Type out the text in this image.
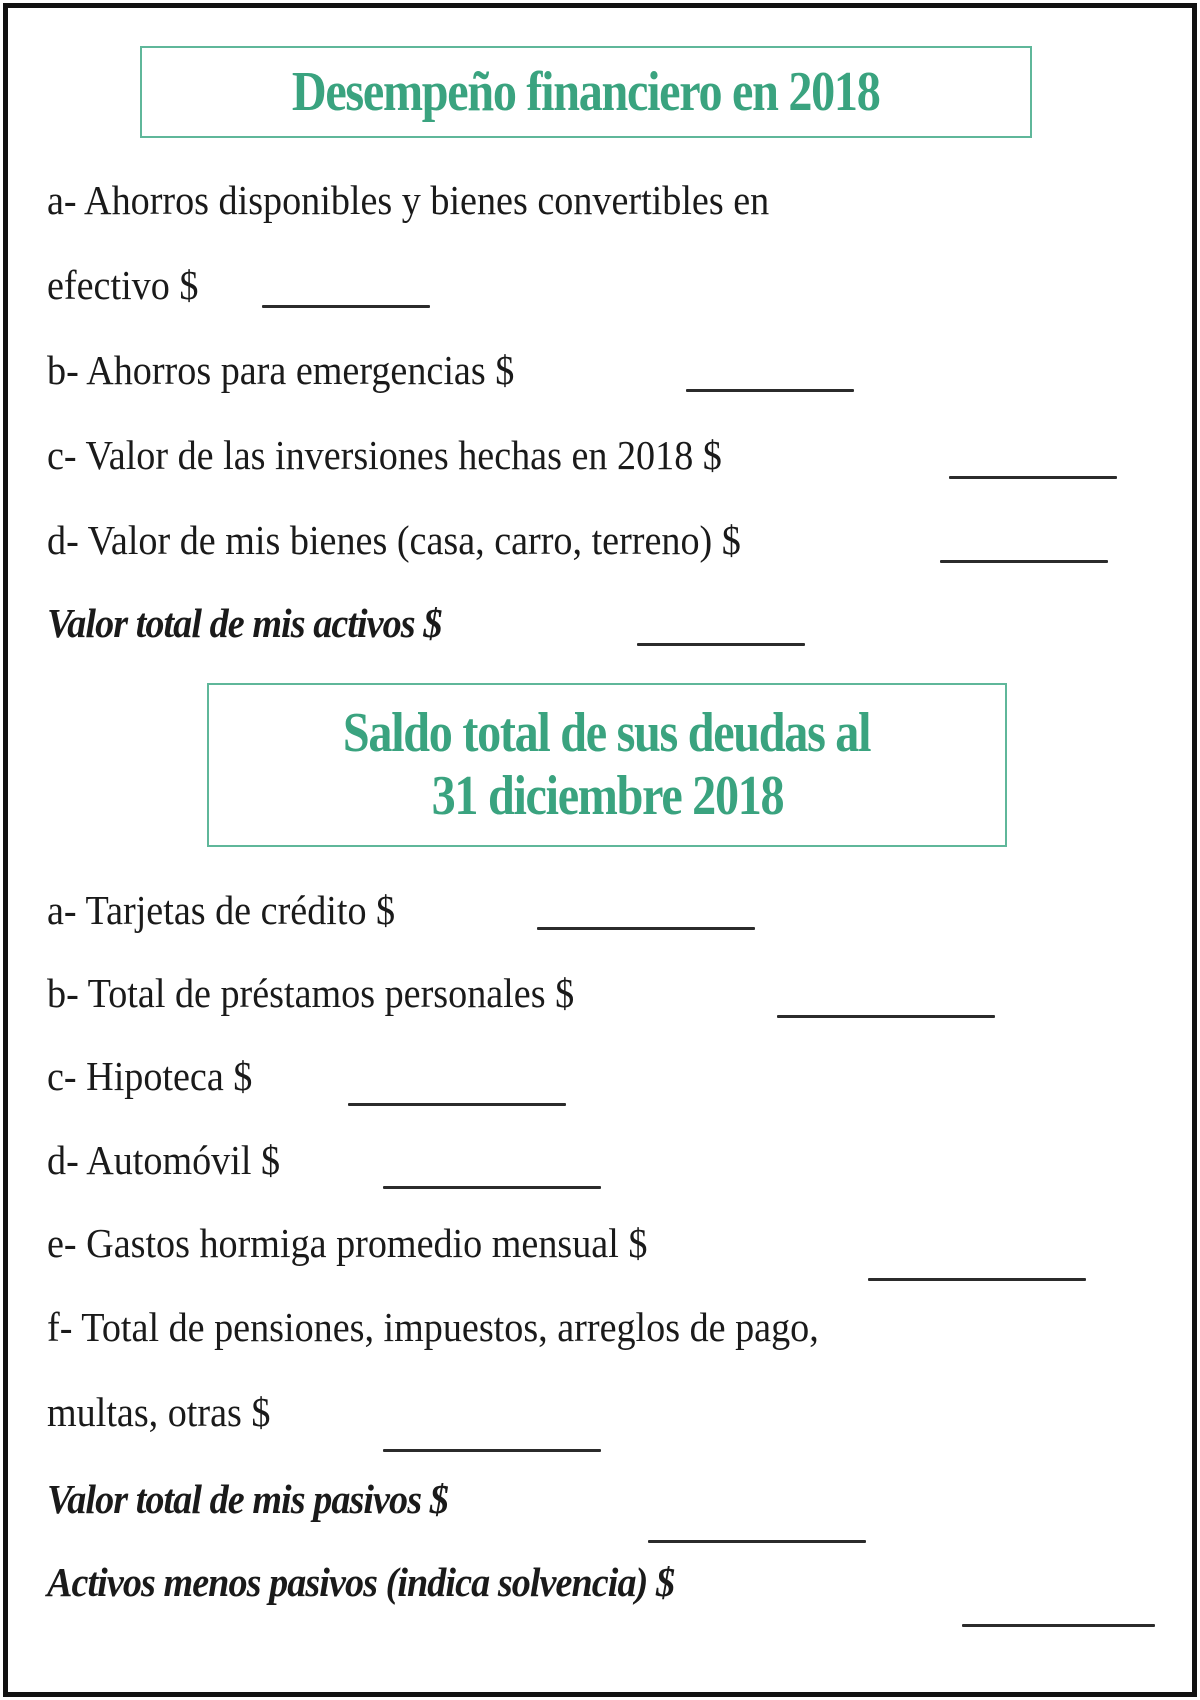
Desempeño financiero en 2018
a- Ahorros disponibles y bienes convertibles en
efectivo $
b- Ahorros para emergencias $
c- Valor de las inversiones hechas en 2018 $
d- Valor de mis bienes (casa, carro, terreno) $
Valor total de mis activos $
Saldo total de sus deudas al
31 diciembre 2018
a- Tarjetas de crédito $
b- Total de préstamos personales $
c- Hipoteca $
d- Automóvil $
e- Gastos hormiga promedio mensual $
f- Total de pensiones, impuestos, arreglos de pago,
multas, otras $
Valor total de mis pasivos $
Activos menos pasivos (indica solvencia) $
